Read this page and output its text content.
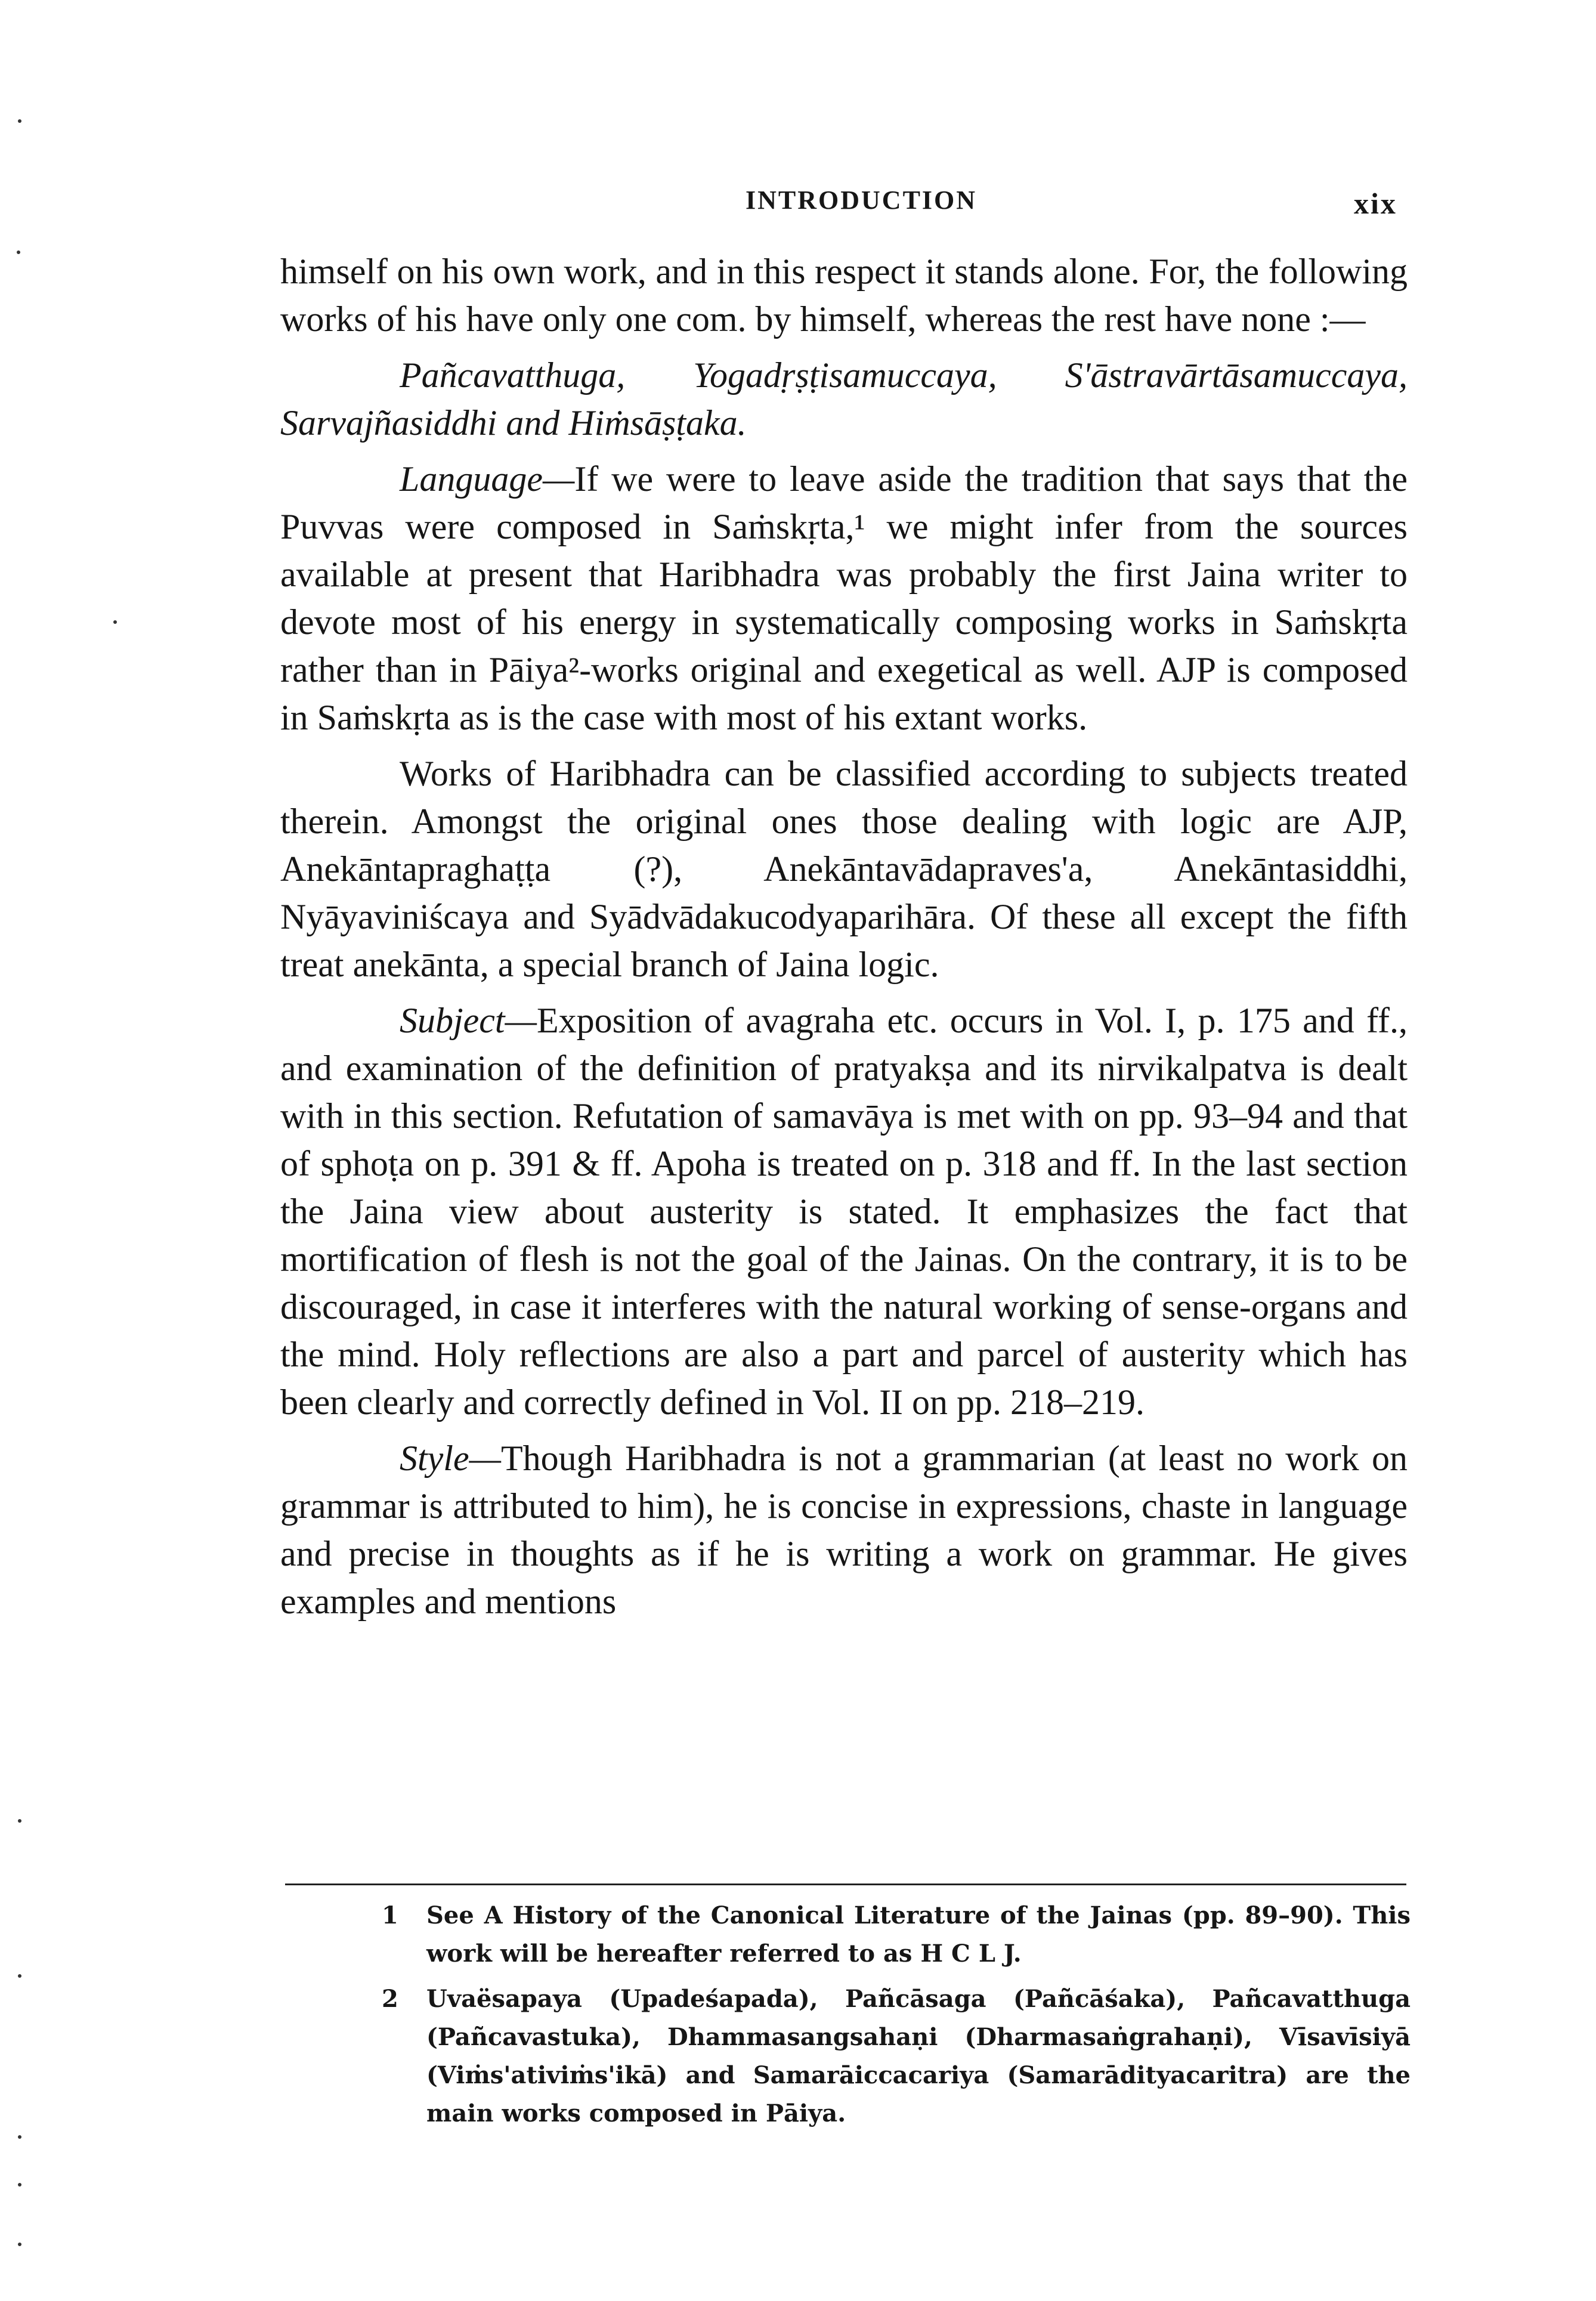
INTRODUCTION	xix

himself on his own work, and in this respect it stands alone. For, the following works of his have only one com. by himself, whereas the rest have none :—

Pañcavatthuga, Yogadṛṣṭisamuccaya, S'āstravārtāsamuccaya, Sarvajñasiddhi and Hiṁsāṣṭaka.

Language—If we were to leave aside the tradition that says that the Puvvas were composed in Saṁskṛta,¹ we might infer from the sources available at present that Haribhadra was probably the first Jaina writer to devote most of his energy in systematically composing works in Saṁskṛta rather than in Pāiya²-works original and exegetical as well. AJP is composed in Saṁskṛta as is the case with most of his extant works.

Works of Haribhadra can be classified according to subjects treated therein. Amongst the original ones those dealing with logic are AJP, Anekāntapraghaṭṭa (?), Anekāntavādapraves'a, Anekāntasiddhi, Nyāyaviniścaya and Syādvādakucodyaparihāra. Of these all except the fifth treat anekānta, a special branch of Jaina logic.

Subject—Exposition of avagraha etc. occurs in Vol. I, p. 175 and ff., and examination of the definition of pratyakṣa and its nirvikalpatva is dealt with in this section. Refutation of samavāya is met with on pp. 93–94 and that of sphoṭa on p. 391 & ff. Apoha is treated on p. 318 and ff. In the last section the Jaina view about austerity is stated. It emphasizes the fact that mortification of flesh is not the goal of the Jainas. On the contrary, it is to be discouraged, in case it interferes with the natural working of sense-organs and the mind. Holy reflections are also a part and parcel of austerity which has been clearly and correctly defined in Vol. II on pp. 218–219.

Style—Though Haribhadra is not a grammarian (at least no work on grammar is attributed to him), he is concise in expressions, chaste in language and precise in thoughts as if he is writing a work on grammar. He gives examples and mentions

1 See A History of the Canonical Literature of the Jainas (pp. 89–90). This work will be hereafter referred to as H C L J.
2 Uvaësapaya (Upadeśapada), Pañcāsaga (Pañcāśaka), Pañcavatthuga (Pañcavastuka), Dhammasangsahaṇi (Dharmasaṅgrahaṇi), Vīsavīsiyā (Viṁs'ativiṁs'ikā) and Samarāiccacariya (Samarādityacaritra) are the main works composed in Pāiya.
